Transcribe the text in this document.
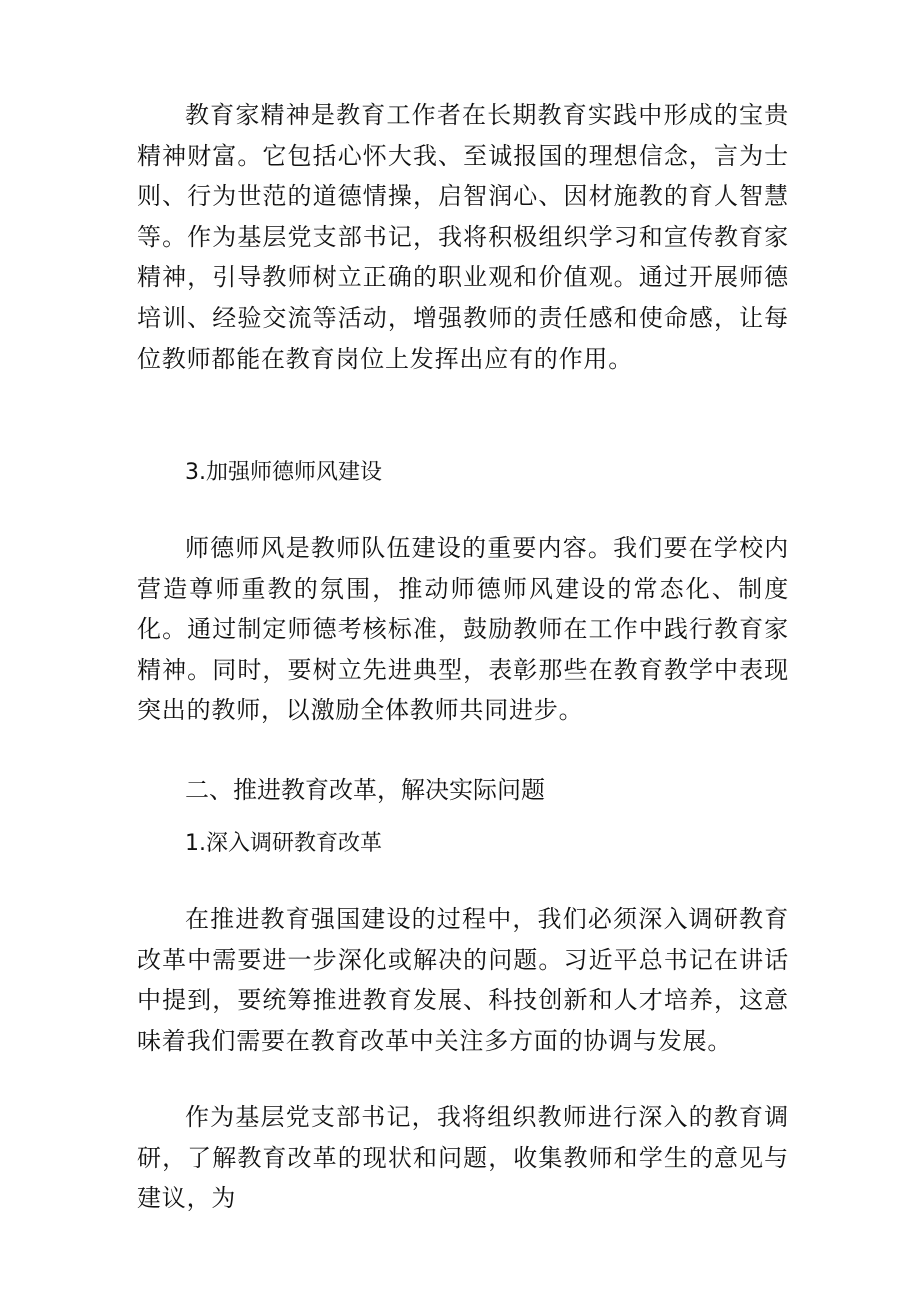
教育家精神是教育工作者在长期教育实践中形成的宝贵精神财富。它包括心怀大我、至诚报国的理想信念，言为士则、行为世范的道德情操，启智润心、因材施教的育人智慧等。作为基层党支部书记，我将积极组织学习和宣传教育家精神，引导教师树立正确的职业观和价值观。通过开展师德培训、经验交流等活动，增强教师的责任感和使命感，让每位教师都能在教育岗位上发挥出应有的作用。

3.加强师德师风建设

师德师风是教师队伍建设的重要内容。我们要在学校内营造尊师重教的氛围，推动师德师风建设的常态化、制度化。通过制定师德考核标准，鼓励教师在工作中践行教育家精神。同时，要树立先进典型，表彰那些在教育教学中表现突出的教师，以激励全体教师共同进步。

二、推进教育改革，解决实际问题

1.深入调研教育改革

在推进教育强国建设的过程中，我们必须深入调研教育改革中需要进一步深化或解决的问题。习近平总书记在讲话中提到，要统筹推进教育发展、科技创新和人才培养，这意味着我们需要在教育改革中关注多方面的协调与发展。

作为基层党支部书记，我将组织教师进行深入的教育调研，了解教育改革的现状和问题，收集教师和学生的意见与建议，为
